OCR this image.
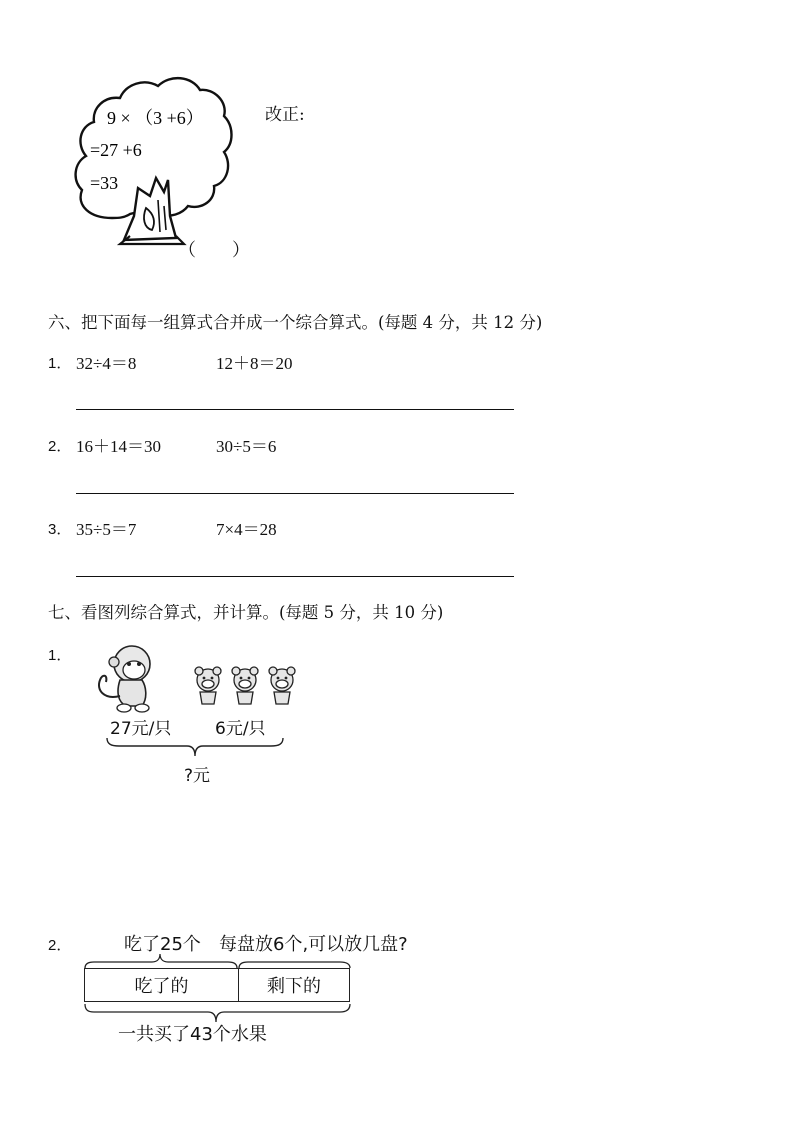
9 × （3 +6）
=27 +6
=33
（　　）
改正:
六、把下面每一组算式合并成一个综合算式。(每题 4 分，共 12 分)
1． 32÷4＝8	12＋8＝20
2． 16＋14＝30	30÷5＝6
3． 35÷5＝7	7×4＝28
七、看图列综合算式，并计算。(每题 5 分，共 10 分)
1．
27元/只	6元/只
?元
2．	吃了25个 每盘放6个,可以放几盘?
吃了的	剩下的
一共买了43个水果
